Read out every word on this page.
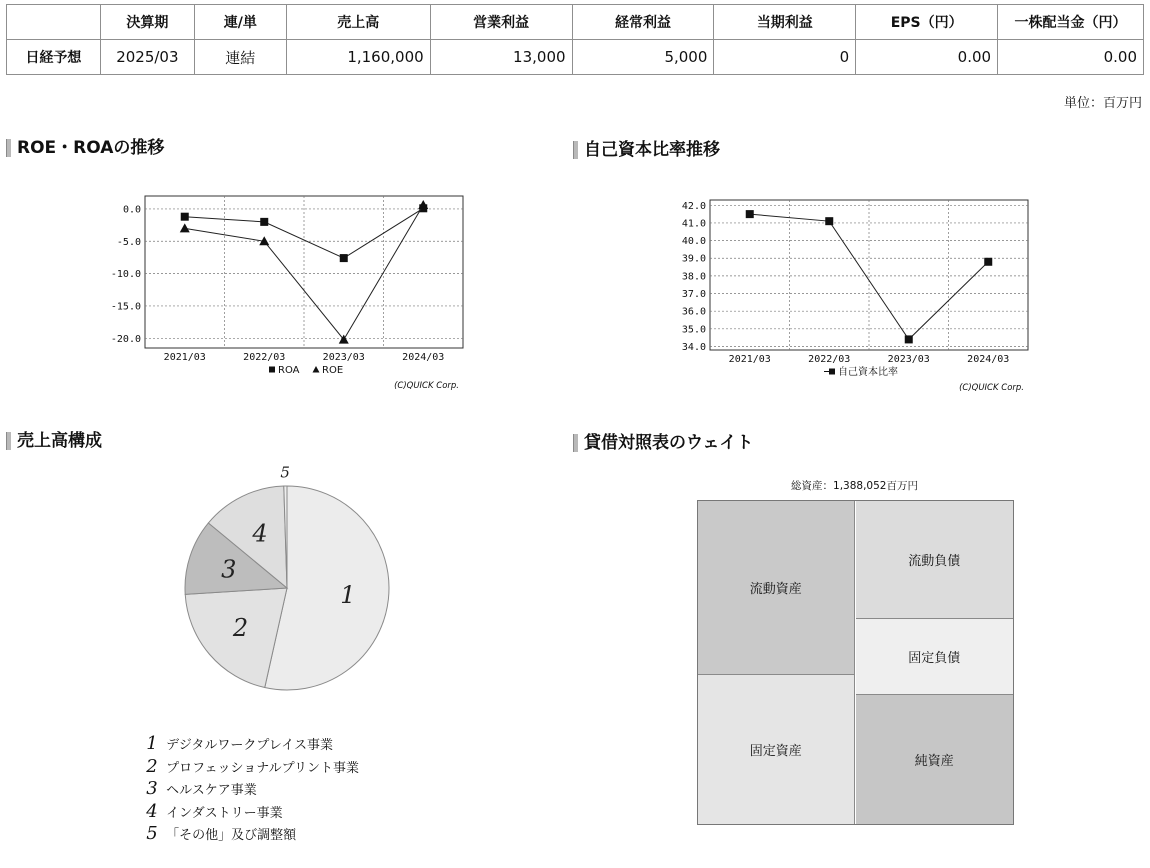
	決算期	連/単	売上高	営業利益	経常利益	当期利益	EPS（円）	一株配当金（円）
日経予想	2025/03	連結	1,160,000	13,000	5,000	0	0.00	0.00
単位：百万円
ROE・ROAの推移	自己資本比率推移
売上高構成	貸借対照表のウェイト
0.0
-5.0
-10.0
-15.0
-20.0
2021/03	2022/03	2023/03	2024/03
ROA ROE
(C)QUICK Corp.
42.0
41.0
40.0
39.0
38.0
37.0
36.0
35.0
34.0
2021/03	2022/03	2023/03	2024/03
自己資本比率
(C)QUICK Corp.
1
2
3
4
5
1 デジタルワークプレイス事業
2 プロフェッショナルプリント事業
3 ヘルスケア事業
4 インダストリー事業
5 「その他」及び調整額
総資産：1,388,052百万円
流動資産
固定資産
流動負債
固定負債
純資産
